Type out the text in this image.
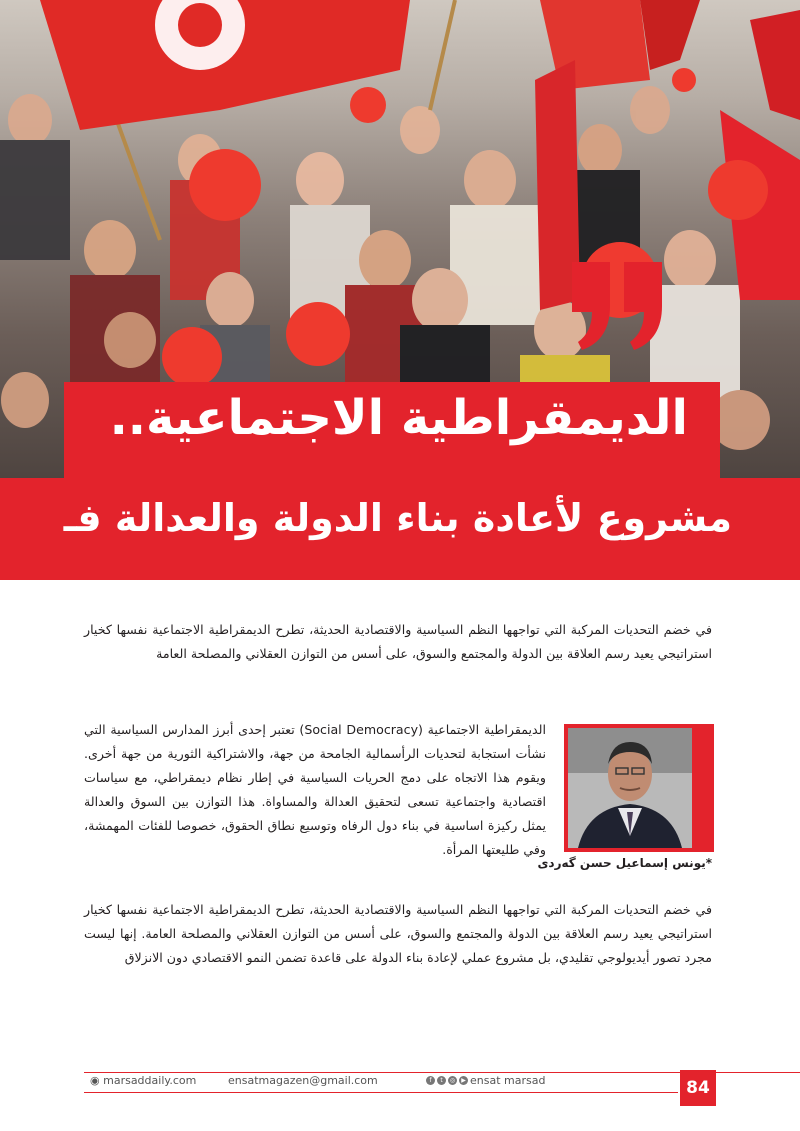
الديمقراطية الاجتماعية..
مشروع لأعادة بناء الدولة والعدالة فـ
في خضم التحديات المركبة التي تواجهها النظم السياسية والاقتصادية الحديثة، تطرح الديمقراطية الاجتماعية نفسها كخيار استراتيجي يعيد رسم العلاقة بين الدولة والمجتمع والسوق، على أسس من التوازن العقلاني والمصلحة العامة
الديمقراطية الاجتماعية (Social Democracy) تعتبر إحدى أبرز المدارس السياسية التي نشأت استجابة لتحديات الرأسمالية الجامحة من جهة، والاشتراكية الثورية من جهة أخرى. ويقوم هذا الاتجاه على دمج الحريات السياسية في إطار نظام ديمقراطي، مع سياسات اقتصادية واجتماعية تسعى لتحقيق العدالة والمساواة. هذا التوازن بين السوق والعدالة يمثل ركيزة اساسية في بناء دول الرفاه وتوسيع نطاق الحقوق، خصوصا للفئات المهمشة، وفي طليعتها المرأة.
في خضم التحديات المركبة التي تواجهها النظم السياسية والاقتصادية الحديثة، تطرح الديمقراطية الاجتماعية نفسها كخيار استراتيجي يعيد رسم العلاقة بين الدولة والمجتمع والسوق، على أسس من التوازن العقلاني والمصلحة العامة. إنها ليست مجرد تصور أيديولوجي تقليدي، بل مشروع عملي لإعادة بناء الدولة على قاعدة تضمن النمو الاقتصادي دون الانزلاق
*يونس إسماعيل حسن گەردی
◉ marsaddaily.com	ensatmagazen@gmail.com	f	t	◎	▶ ensat marsad	84
